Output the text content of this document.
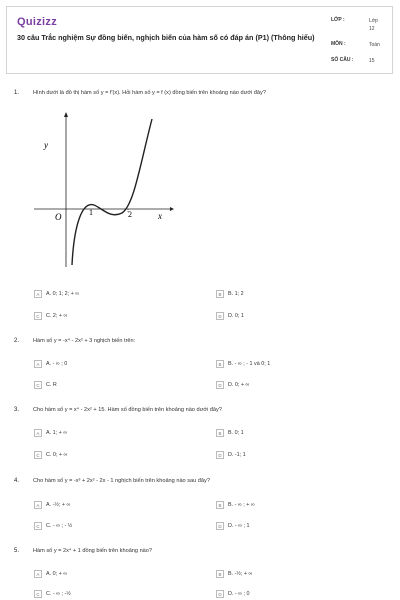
Quizizz
30 câu Trắc nghiệm Sự đồng biến, nghịch biến của hàm số có đáp án (P1) (Thông hiểu)
LỚP :	Lớp 12
MÔN :	Toán
SỐ CÂU :	15
1. Hình dưới là đồ thị hàm số y = f'(x). Hỏi hàm số y = f (x) đồng biến trên khoảng nào dưới đây?
y
x
O	1	2
A A. 0; 1; 2; + ∞	B B. 1; 2
C C. 2; + ∞	D D. 0; 1
2. Hàm số y = -x⁴ - 2x² + 3 nghịch biến trên:
A A. - ∞ ; 0	B B. - ∞ ; - 1 và 0; 1
C C. R	D D. 0; + ∞
3. Cho hàm số y = x⁴ - 2x² + 15. Hàm số đồng biến trên khoảng nào dưới đây?
A A. 1; + ∞	B B. 0; 1
C C. 0; + ∞	D D. -1; 1
4. Cho hàm số y = -x³ + 2x² - 2x - 1 nghịch biến trên khoảng nào sau đây?
A A. -½; + ∞	B B. - ∞ ; + ∞
C C. - ∞ ; - ½	D D. - ∞ ; 1
5. Hàm số y = 2x⁴ + 1 đồng biến trên khoảng nào?
A A. 0; + ∞	B B. -½; + ∞
C C. - ∞ ; -½	D D. - ∞ ; 0
